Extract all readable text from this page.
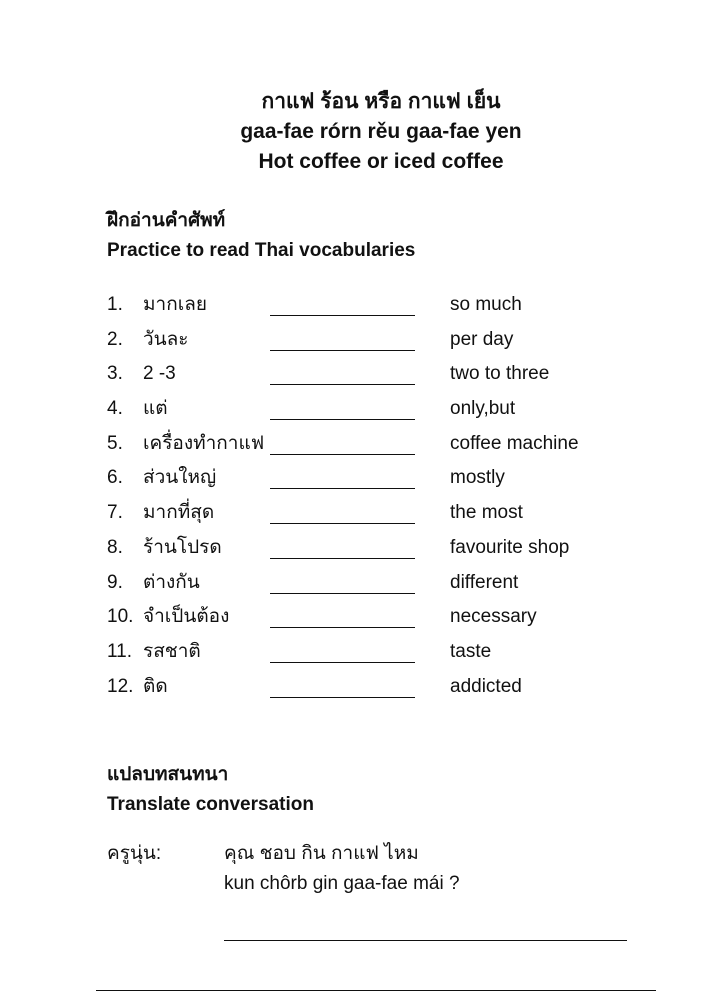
กาแฟ ร้อน หรือ กาแฟ เย็น
gaa-fae rórn rěu gaa-fae yen
Hot coffee or iced coffee
ฝึกอ่านคำศัพท์
Practice to read Thai vocabularies
1. มากเลย	so much
2. วันละ	per day
3. 2 -3	two to three
4. แต่	only,but
5. เครื่องทำกาแฟ	coffee machine
6. ส่วนใหญ่	mostly
7. มากที่สุด	the most
8. ร้านโปรด	favourite shop
9. ต่างกัน	different
10. จำเป็นต้อง	necessary
11. รสชาติ	taste
12. ติด	addicted
แปลบทสนทนา
Translate conversation
ครูนุ่น:	คุณ ชอบ กิน กาแฟ ไหม
kun chôrb gin gaa-fae mái ?
